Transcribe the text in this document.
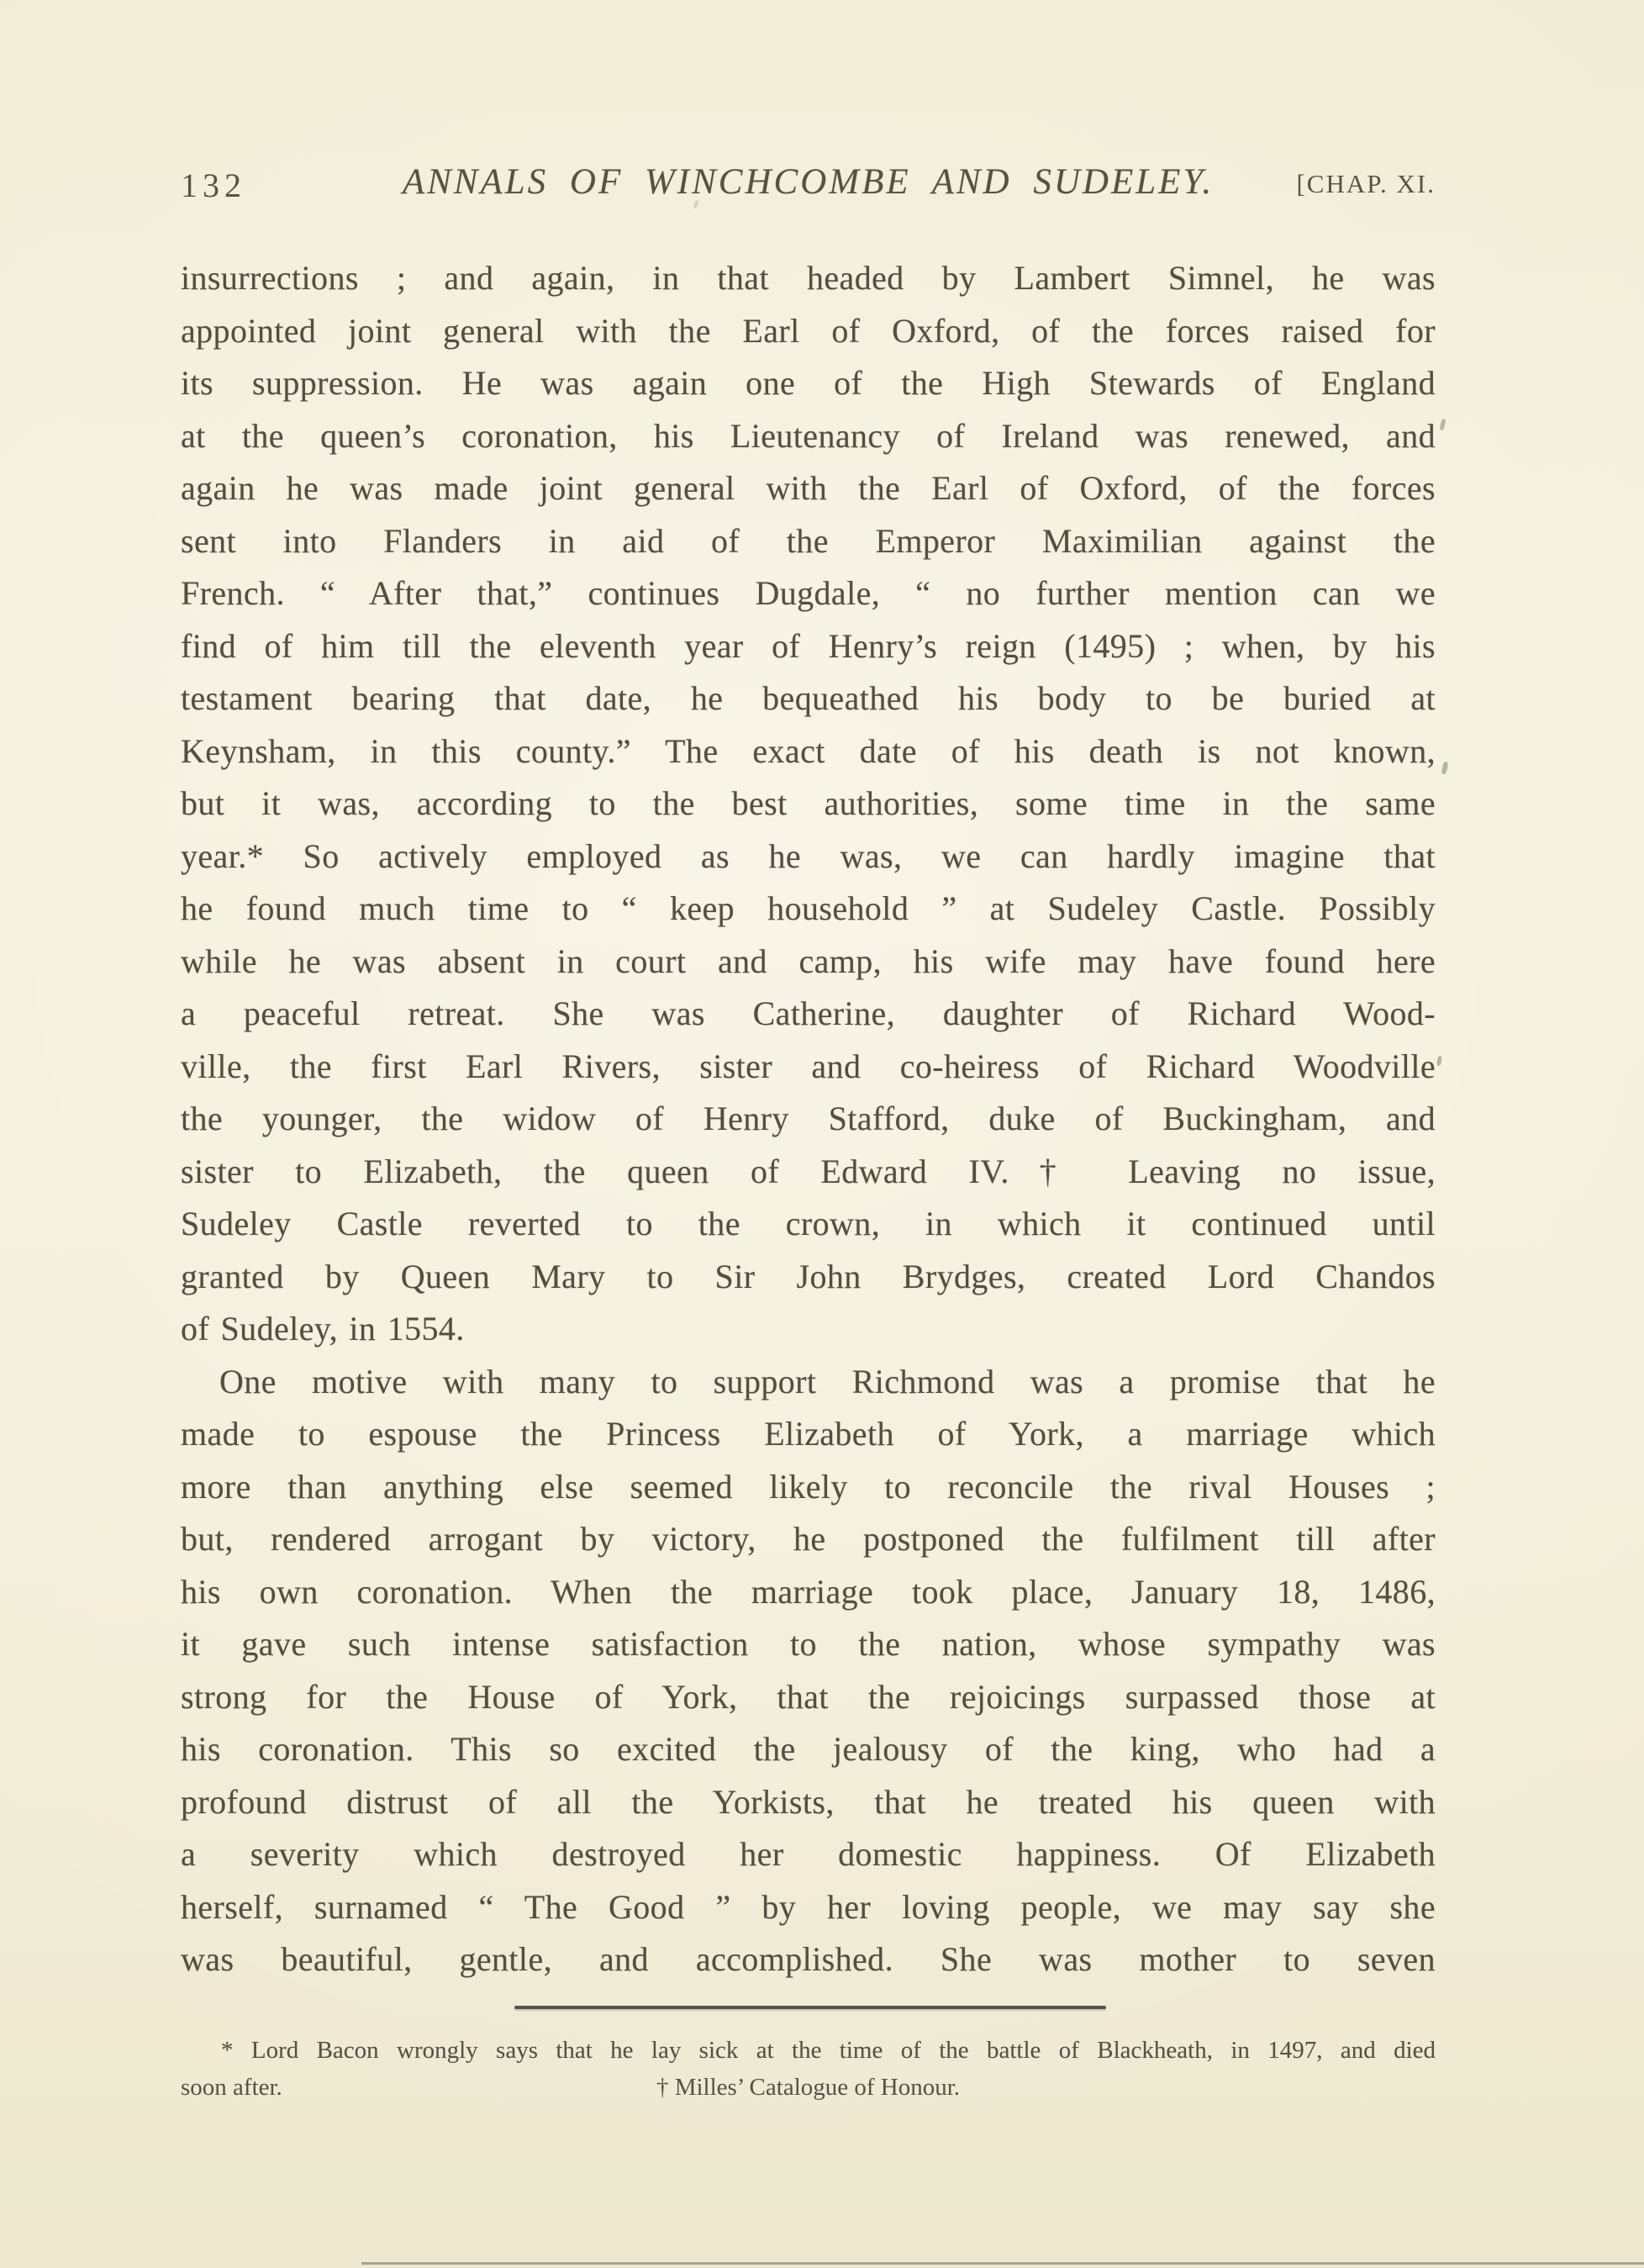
132	ANNALS OF WINCHCOMBE AND SUDELEY.	[CHAP. XI.
insurrections ; and again, in that headed by Lambert Simnel, he was
appointed joint general with the Earl of Oxford, of the forces raised for
its suppression. He was again one of the High Stewards of England
at the queen’s coronation, his Lieutenancy of Ireland was renewed, and
again he was made joint general with the Earl of Oxford, of the forces
sent into Flanders in aid of the Emperor Maximilian against the
French. “ After that,” continues Dugdale, “ no further mention can we
find of him till the eleventh year of Henry’s reign (1495) ; when, by his
testament bearing that date, he bequeathed his body to be buried at
Keynsham, in this county.” The exact date of his death is not known,
but it was, according to the best authorities, some time in the same
year.* So actively employed as he was, we can hardly imagine that
he found much time to “ keep household ” at Sudeley Castle. Possibly
while he was absent in court and camp, his wife may have found here
a peaceful retreat. She was Catherine, daughter of Richard Wood-
ville, the first Earl Rivers, sister and co-heiress of Richard Woodville
the younger, the widow of Henry Stafford, duke of Buckingham, and
sister to Elizabeth, the queen of Edward IV.† Leaving no issue,
Sudeley Castle reverted to the crown, in which it continued until
granted by Queen Mary to Sir John Brydges, created Lord Chandos
of Sudeley, in 1554.
One motive with many to support Richmond was a promise that he
made to espouse the Princess Elizabeth of York, a marriage which
more than anything else seemed likely to reconcile the rival Houses ;
but, rendered arrogant by victory, he postponed the fulfilment till after
his own coronation. When the marriage took place, January 18, 1486,
it gave such intense satisfaction to the nation, whose sympathy was
strong for the House of York, that the rejoicings surpassed those at
his coronation. This so excited the jealousy of the king, who had a
profound distrust of all the Yorkists, that he treated his queen with
a severity which destroyed her domestic happiness. Of Elizabeth
herself, surnamed “ The Good ” by her loving people, we may say she
was beautiful, gentle, and accomplished. She was mother to seven
* Lord Bacon wrongly says that he lay sick at the time of the battle of Blackheath, in 1497, and died
soon after.	† Milles’ Catalogue of Honour.
